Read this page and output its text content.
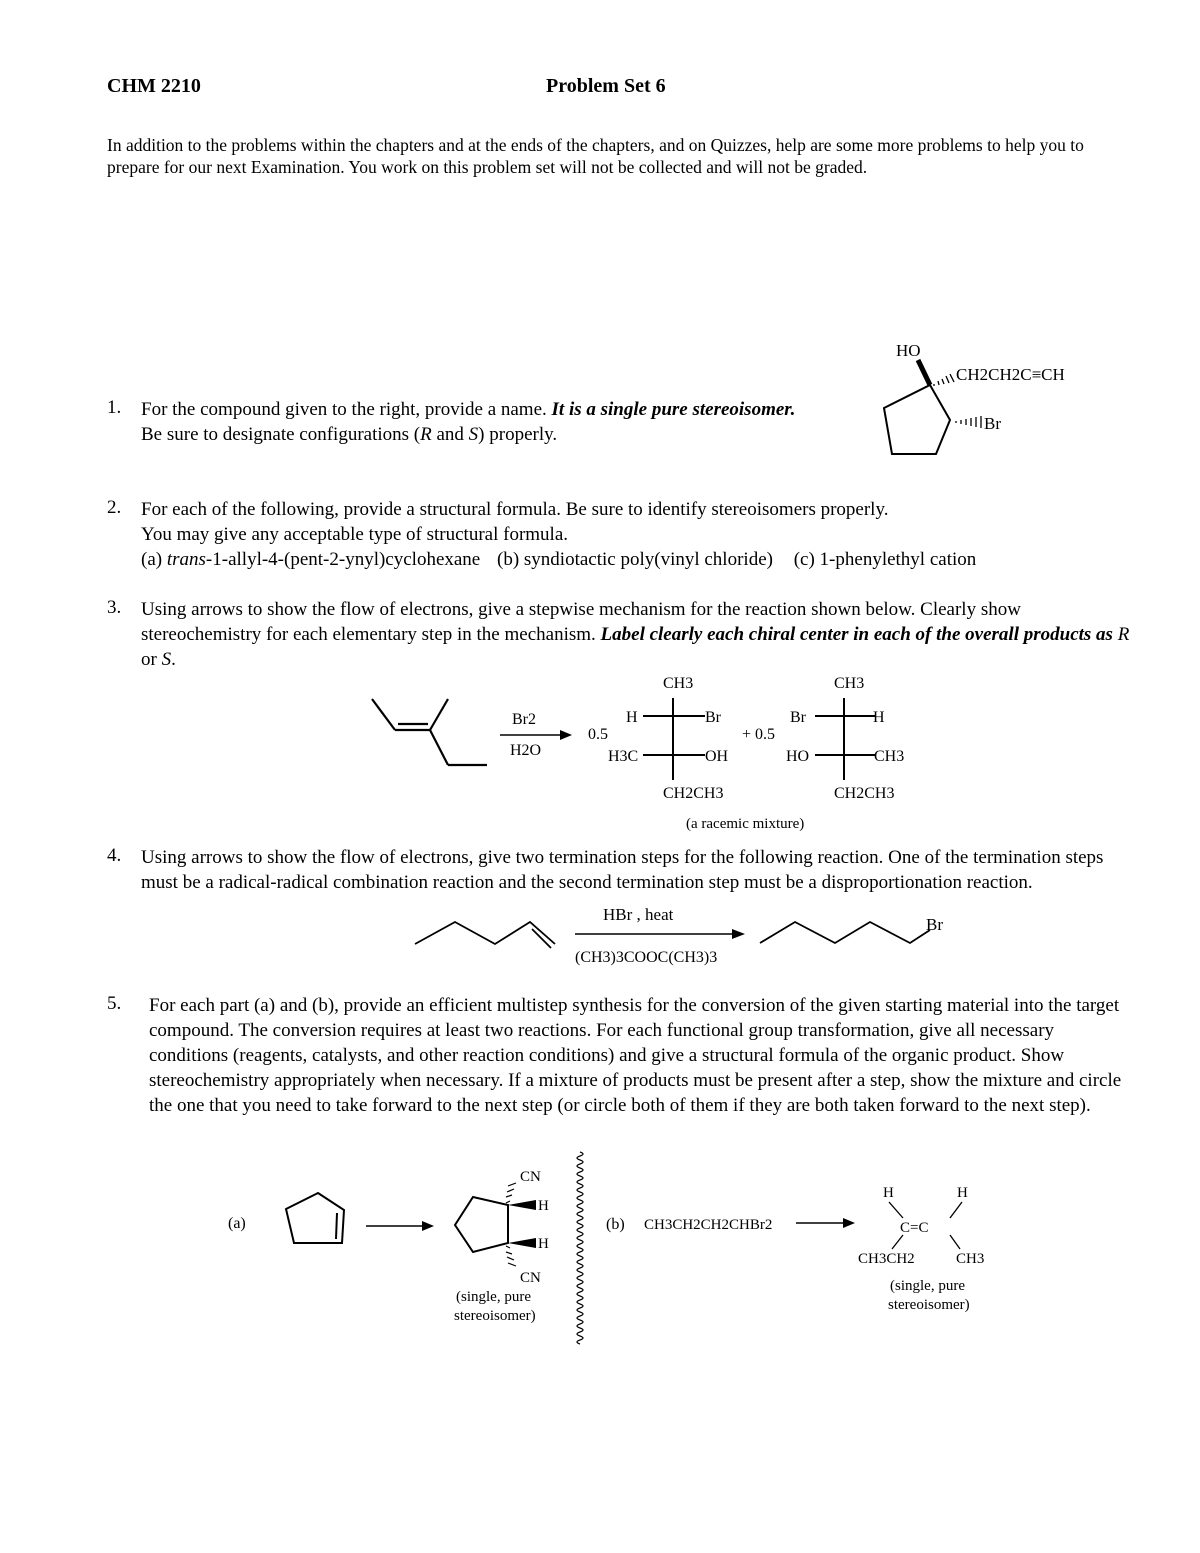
CHM 2210	Problem Set 6
In addition to the problems within the chapters and at the ends of the chapters, and on Quizzes, help are some more problems to help you to prepare for our next Examination. You work on this problem set will not be collected and will not be graded.
1. For the compound given to the right, provide a name. It is a single pure stereoisomer. Be sure to designate configurations (R and S) properly.
HO
CH2CH2C≡CH
Br
2. For each of the following, provide a structural formula. Be sure to identify stereoisomers properly.
You may give any acceptable type of structural formula.
(a) trans-1-allyl-4-(pent-2-ynyl)cyclohexane (b) syndiotactic poly(vinyl chloride) (c) 1-phenylethyl cation
3. Using arrows to show the flow of electrons, give a stepwise mechanism for the reaction shown below. Clearly show stereochemistry for each elementary step in the mechanism. Label clearly each chiral center in each of the overall products as R or S.
Br2
H2O
0.5
CH3
H	Br
H3C	OH
CH2CH3
+ 0.5
CH3
Br	H
HO	CH3
CH2CH3
(a racemic mixture)
4. Using arrows to show the flow of electrons, give two termination steps for the following reaction. One of the termination steps must be a radical-radical combination reaction and the second termination step must be a disproportionation reaction.
HBr , heat
(CH3)3COOC(CH3)3
Br
5. For each part (a) and (b), provide an efficient multistep synthesis for the conversion of the given starting material into the target compound. The conversion requires at least two reactions. For each functional group transformation, give all necessary conditions (reagents, catalysts, and other reaction conditions) and give a structural formula of the organic product. Show stereochemistry appropriately when necessary. If a mixture of products must be present after a step, show the mixture and circle the one that you need to take forward to the next step (or circle both of them if they are both taken forward to the next step).
(a)
CN
H
H
CN
(single, pure
stereoisomer)
(b) CH3CH2CH2CHBr2
H	H
C=C
CH3CH2	CH3
(single, pure
stereoisomer)
